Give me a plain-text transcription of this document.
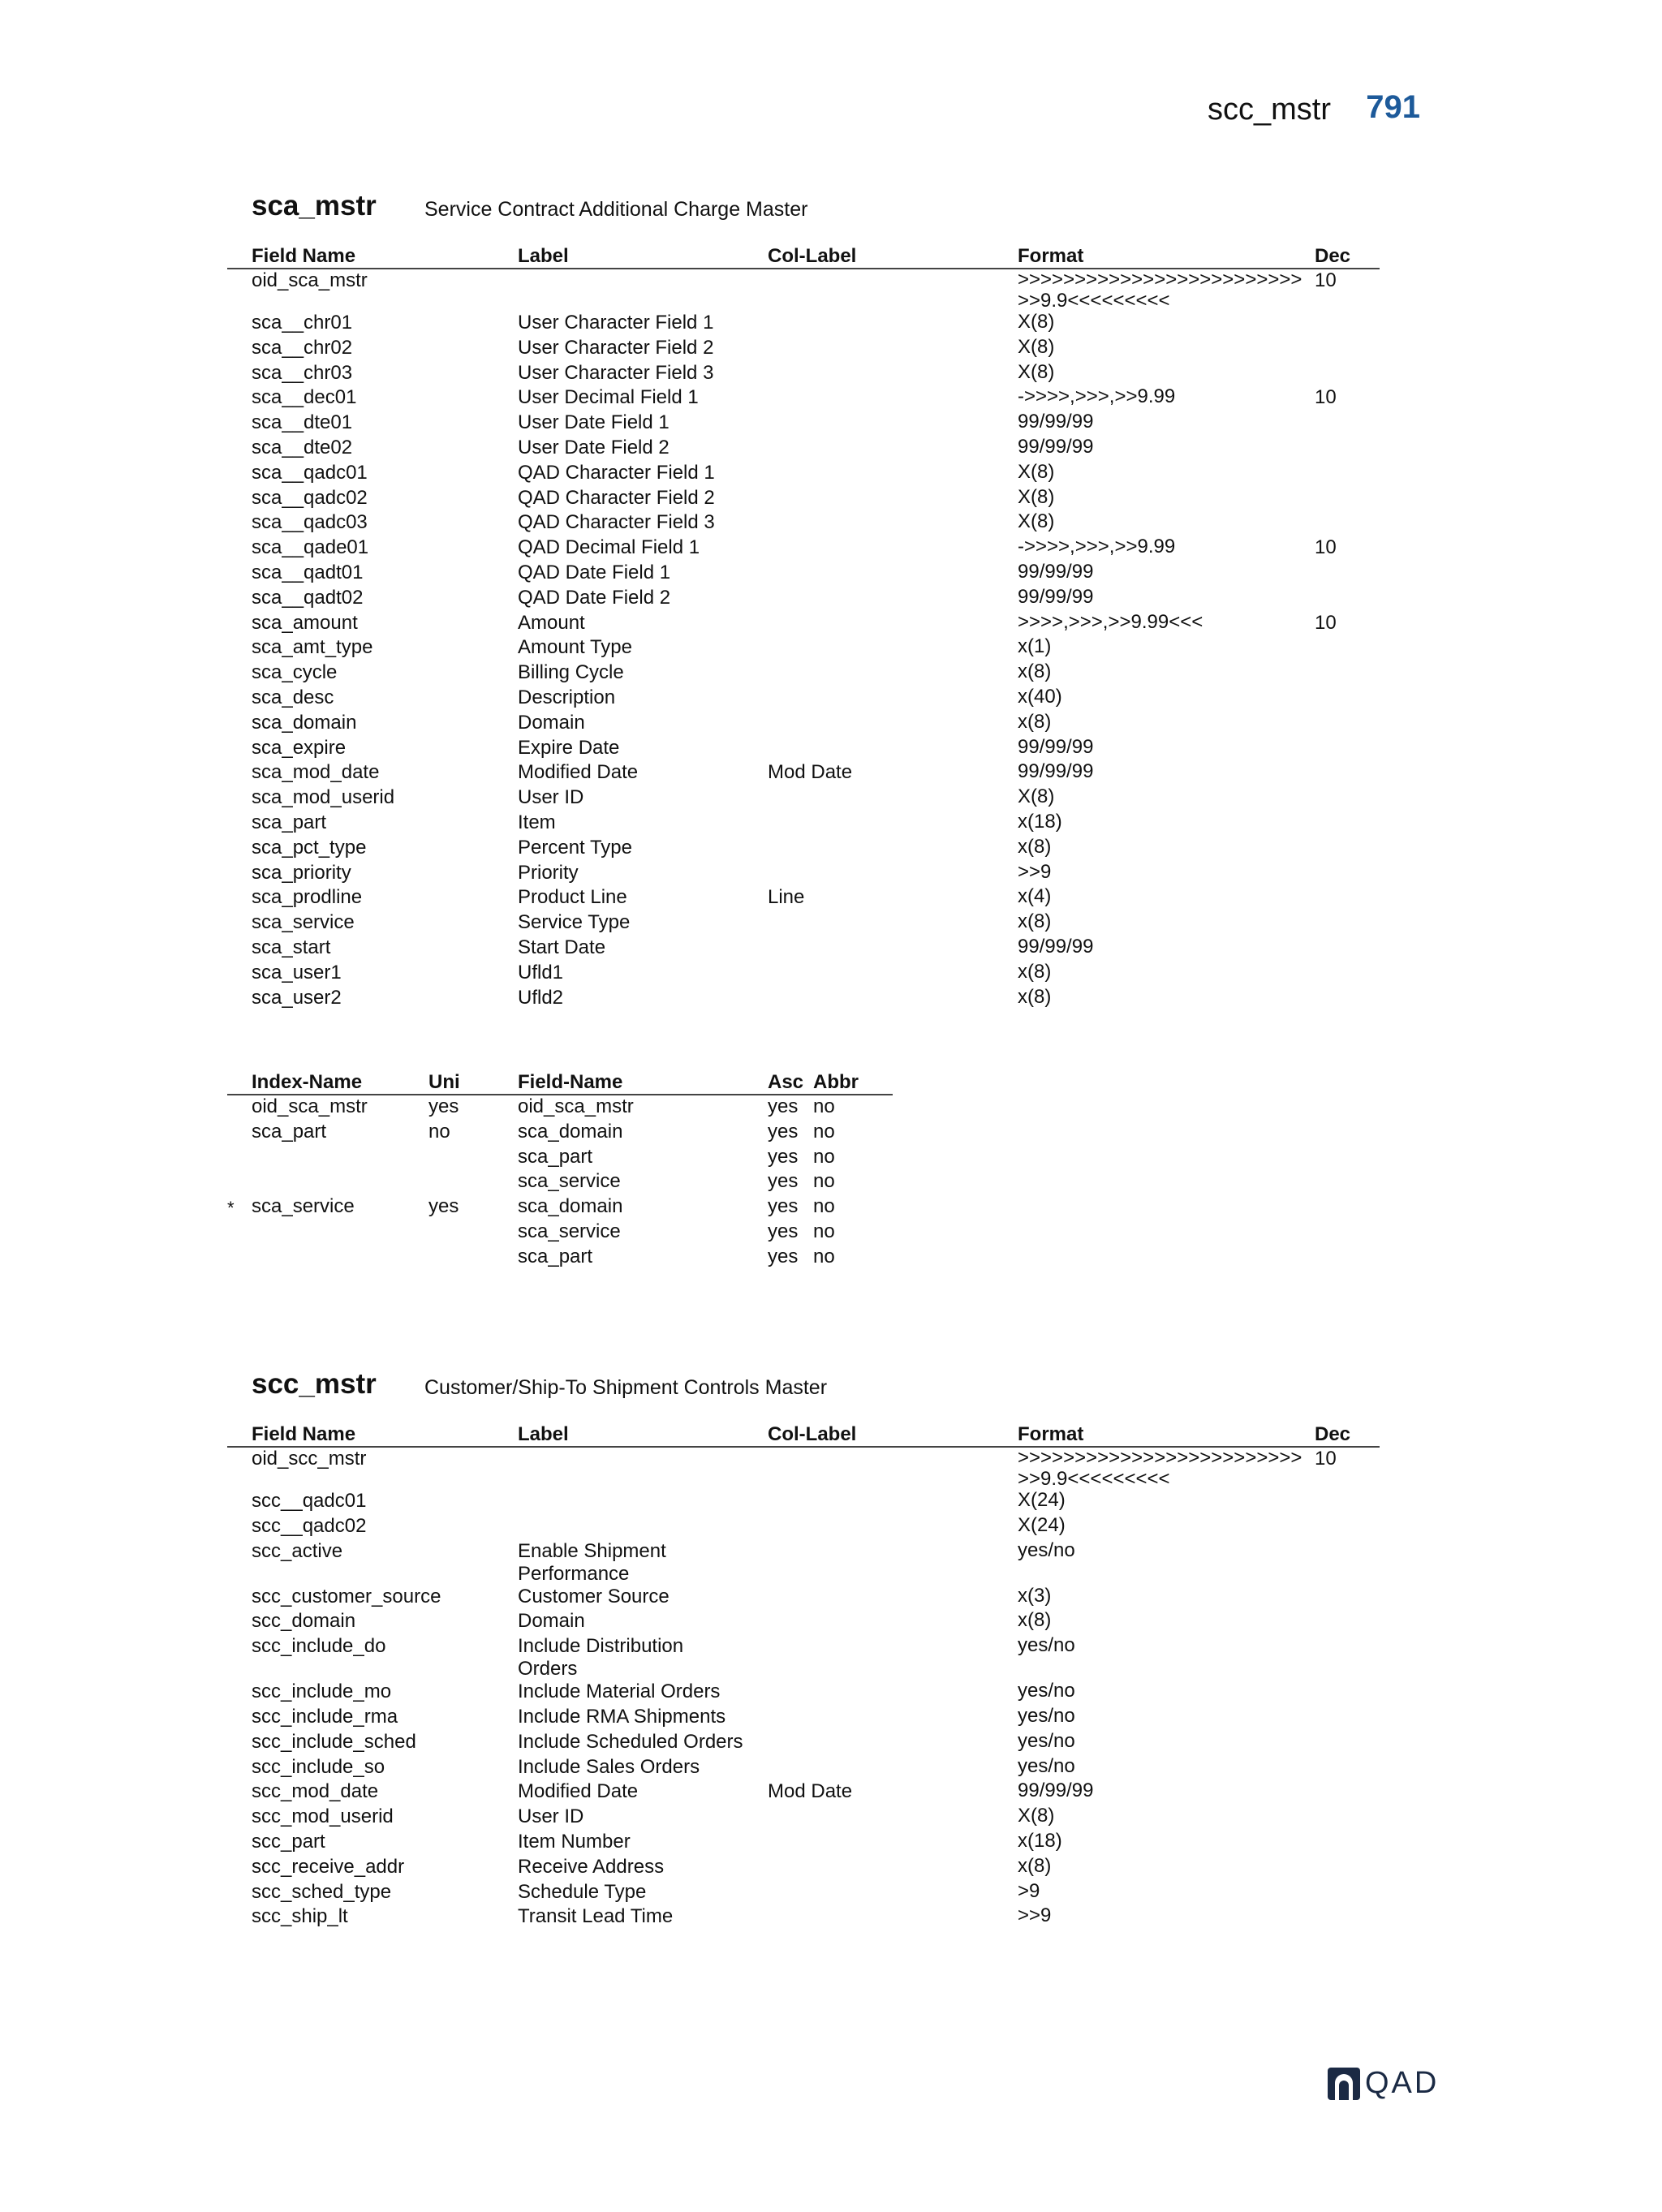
scc_mstr 791
sca_mstr Service Contract Additional Charge Master
Field Name	Label	Col-Label	Format	Dec
oid_sca_mstr			>>>>>>>>>>>>>>>>>>>>>>>>>>>9.9<<<<<<<<<	10
sca__chr01	User Character Field 1		X(8)	
sca__chr02	User Character Field 2		X(8)	
sca__chr03	User Character Field 3		X(8)	
sca__dec01	User Decimal Field 1		->>>>,>>>,>>9.99	10
sca__dte01	User Date Field 1		99/99/99	
sca__dte02	User Date Field 2		99/99/99	
sca__qadc01	QAD Character Field 1		X(8)	
sca__qadc02	QAD Character Field 2		X(8)	
sca__qadc03	QAD Character Field 3		X(8)	
sca__qade01	QAD Decimal Field 1		->>>>,>>>,>>9.99	10
sca__qadt01	QAD Date Field 1		99/99/99	
sca__qadt02	QAD Date Field 2		99/99/99	
sca_amount	Amount		>>>>,>>>,>>9.99<<<	10
sca_amt_type	Amount Type		x(1)	
sca_cycle	Billing Cycle		x(8)	
sca_desc	Description		x(40)	
sca_domain	Domain		x(8)	
sca_expire	Expire Date		99/99/99	
sca_mod_date	Modified Date	Mod Date	99/99/99	
sca_mod_userid	User ID		X(8)	
sca_part	Item		x(18)	
sca_pct_type	Percent Type		x(8)	
sca_priority	Priority		>>9	
sca_prodline	Product Line	Line	x(4)	
sca_service	Service Type		x(8)	
sca_start	Start Date		99/99/99	
sca_user1	Ufld1		x(8)	
sca_user2	Ufld2		x(8)	
Index-Name	Uni	Field-Name	Asc	Abbr
oid_sca_mstr	yes	oid_sca_mstr	yes	no
sca_part	no	sca_domain	yes	no
		sca_part	yes	no
		sca_service	yes	no

* sca_service	yes	sca_domain	yes	no
		sca_service	yes	no
		sca_part	yes	no
scc_mstr Customer/Ship-To Shipment Controls Master
Field Name	Label	Col-Label	Format	Dec
oid_scc_mstr			>>>>>>>>>>>>>>>>>>>>>>>>>>>9.9<<<<<<<<<	10
scc__qadc01			X(24)	
scc__qadc02			X(24)	
scc_active	Enable Shipment Performance		yes/no	
scc_customer_source	Customer Source		x(3)	
scc_domain	Domain		x(8)	
scc_include_do	Include Distribution Orders		yes/no	
scc_include_mo	Include Material Orders		yes/no	
scc_include_rma	Include RMA Shipments		yes/no	
scc_include_sched	Include Scheduled Orders		yes/no	
scc_include_so	Include Sales Orders		yes/no	
scc_mod_date	Modified Date	Mod Date	99/99/99	
scc_mod_userid	User ID		X(8)	
scc_part	Item Number		x(18)	
scc_receive_addr	Receive Address		x(8)	
scc_sched_type	Schedule Type		>9	
scc_ship_lt	Transit Lead Time		>>9	
QAD
